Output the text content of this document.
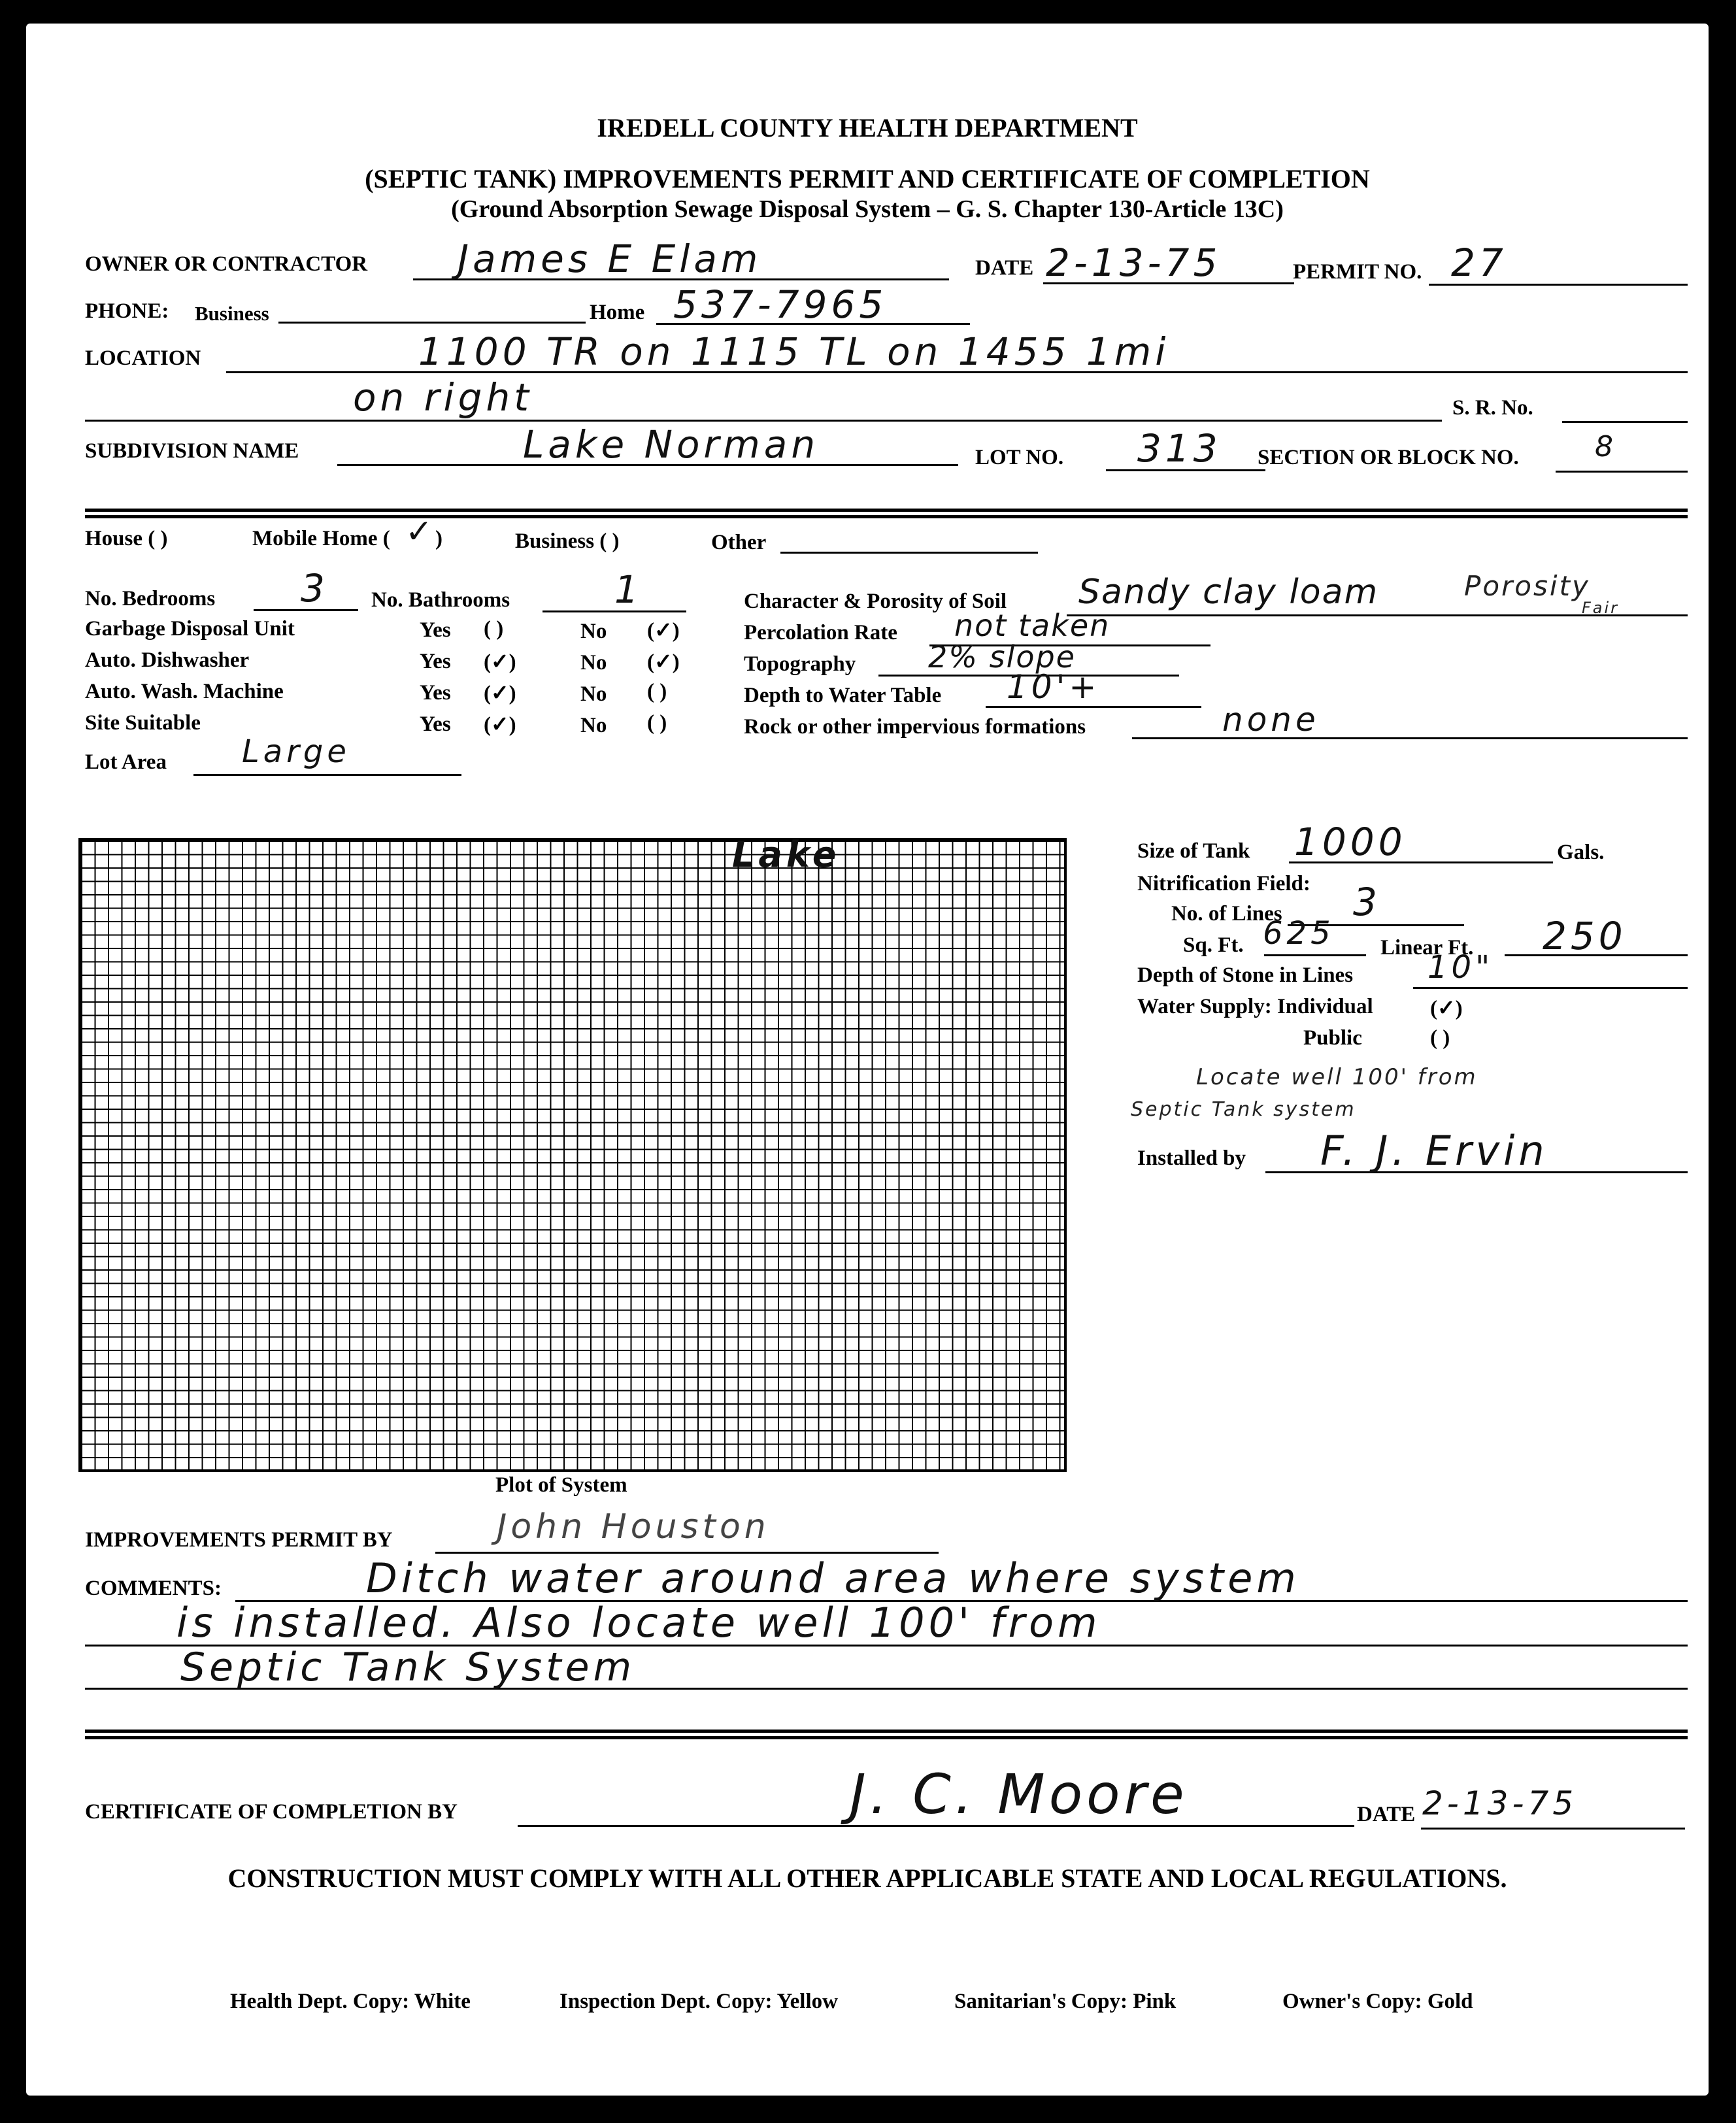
IREDELL COUNTY HEALTH DEPARTMENT
(SEPTIC TANK) IMPROVEMENTS PERMIT AND CERTIFICATE OF COMPLETION
(Ground Absorption Sewage Disposal System – G. S. Chapter 130-Article 13C)
OWNER OR CONTRACTOR James E Elam	DATE 2-13-75	PERMIT NO. 27
PHONE: Business	Home 537-7965
LOCATION	1100 TR on 1115 TL on 1455 1mi
on right	S. R. No.
SUBDIVISION NAME	Lake Norman	LOT NO. 313 SECTION OR BLOCK NO.	8
House ( )	Mobile Home ( ✓
)	Business ( )	Other
No. Bedrooms 3 No. Bathrooms	1
Garbage Disposal Unit	Yes ( )	No (✓)
Auto. Dishwasher	Yes (✓)	No (✓)
Auto. Wash. Machine	Yes (✓)	No ( )
Site Suitable	Yes (✓)	No ( )
Lot Area Large
Character & Porosity of Soil Sandy clay loam	Porosity
Fair
Percolation Rate not taken
Topography 2% slope
Depth to Water Table 10'+
Rock or other impervious formations	none
Lake
Plot of System
Size of Tank 1000	Gals.
Nitrification Field:
No. of Lines 3
Sq. Ft. 625 Linear Ft. 250
Depth of Stone in Lines 10"
Water Supply: Individual	(✓)
Public	( )
Locate well 100' from
Septic Tank system
Installed by F. J. Ervin
IMPROVEMENTS PERMIT BY	John Houston
COMMENTS:	Ditch water around area where system
is installed. Also locate well 100' from
Septic Tank System
CERTIFICATE OF COMPLETION BY	J. C. Moore	DATE 2-13-75
CONSTRUCTION MUST COMPLY WITH ALL OTHER APPLICABLE STATE AND LOCAL REGULATIONS.
Health Dept. Copy: White	Inspection Dept. Copy: Yellow	Sanitarian's Copy: Pink	Owner's Copy: Gold
